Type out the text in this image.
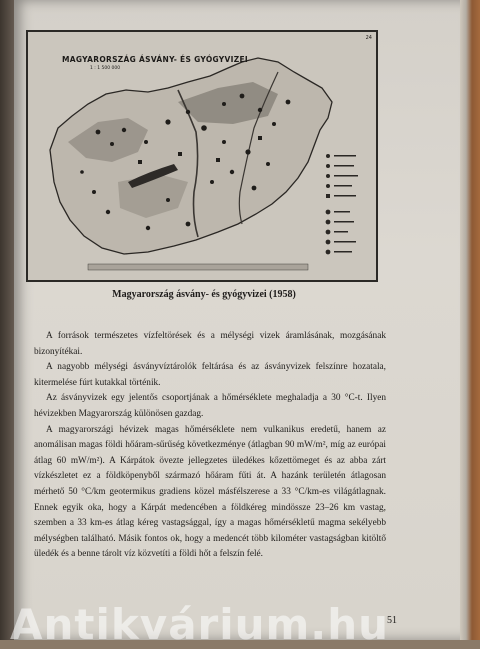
MAGYARORSZÁG ÁSVÁNY- ÉS GYÓGYVIZEI
1 : 1 500 000
24
Magyarország ásvány- és gyógyvizei (1958)

A források természetes vízfeltörések és a mélységi vizek áramlásának, mozgásának bizonyítékai.

A nagyobb mélységi ásványvíztárolók feltárása és az ásványvizek felszínre hozatala, kitermelése fúrt kutakkal történik.

Az ásványvizek egy jelentős csoportjának a hőmérséklete meghaladja a 30 °C-t. Ilyen hévizekben Magyarország különösen gazdag.

A magyarországi hévizek magas hőmérséklete nem vulkanikus eredetű, hanem az anomálisan magas földi hőáram-sűrűség következménye (átlagban 90 mW/m², míg az európai átlag 60 mW/m²). A Kárpátok övezte jellegzetes üledékes kőzettömeget és az abba zárt vízkészletet ez a földköpenyből származó hőáram fűti át. A hazánk területén átlagosan mérhető 50 °C/km geotermikus gradiens közel másfélszerese a 33 °C/km-es világátlagnak. Ennek egyik oka, hogy a Kárpát medencében a földkéreg mindössze 23–26 km vastag, szemben a 33 km-es átlag kéreg vastagsággal, így a magas hőmérsékletű magma sekélyebb mélységben található. Másik fontos ok, hogy a medencét több kilométer vastagságban kitöltő üledék és a benne tárolt víz közvetíti a földi hőt a felszín felé.

51
Antikvárium.hu
